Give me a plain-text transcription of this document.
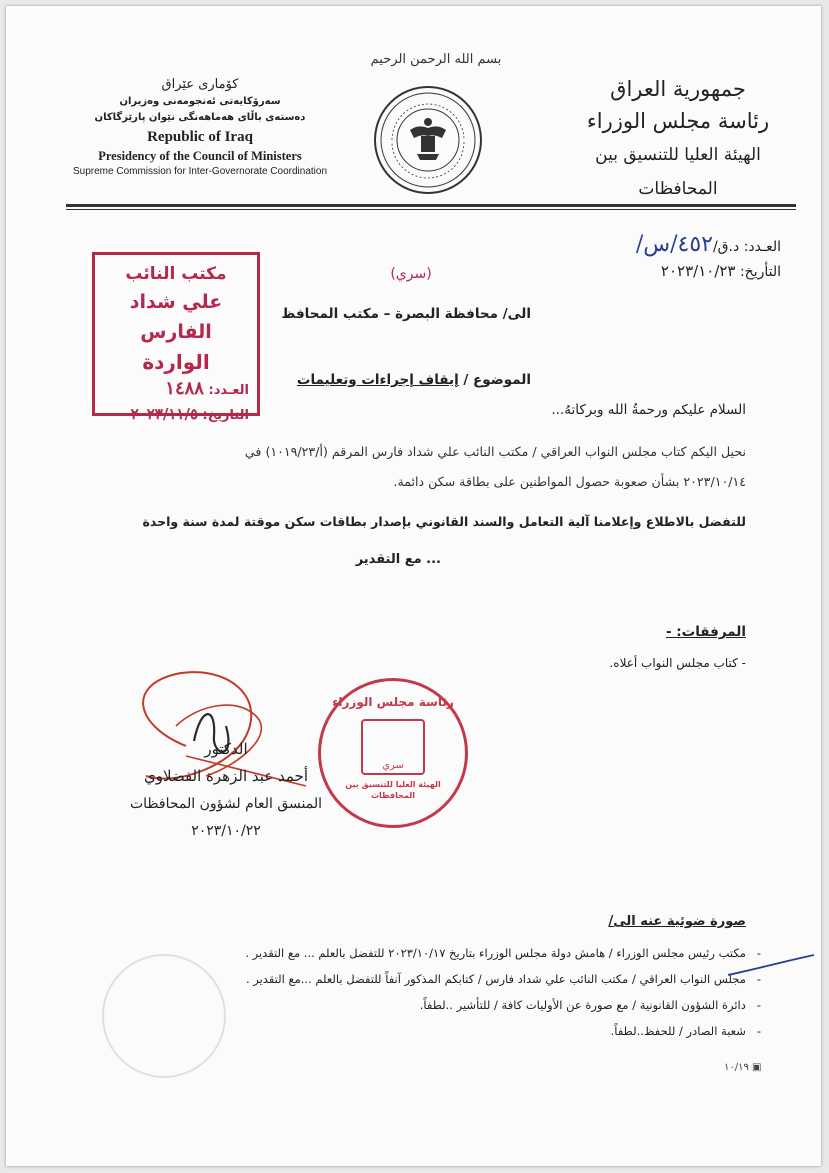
جمهورية العراق
رئاسة مجلس الوزراء
الهيئة العليا للتنسيق بين المحافظات
بسم الله الرحمن الرحيم
كۆماری عێراق
سەرۆکایەتی ئەنجومەنی وەزیران
دەستەی باڵای هەماهەنگی نێوان پارێزگاکان
Republic of Iraq
Presidency of the Council of Ministers
Supreme Commission for Inter-Governorate Coordination
العـدد: د.ق/٤٥٢/س/
التأريخ: ٢٠٢٣/١٠/٢٣
مكتب النائب
علي شداد الفارس
الواردة
العـدد: ١٤٨٨
التاريخ: ٢٠٢٣/١١/٥
(سري)
الى/ محافظة البصرة – مكتب المحافظ
الموضوع / إيقاف إجراءات وتعليمات
السلام عليكم ورحمةُ الله وبركاتهُ...
نحيل اليكم كتاب مجلس النواب العراقي / مكتب النائب علي شداد فارس المرقم (أ/١٠١٩/٢٣) في
٢٠٢٣/١٠/١٤ بشأن صعوبة حصول المواطنين على بطاقة سكن دائمة.
للتفضل بالاطلاع وإعلامنا آلية التعامل والسند القانوني بإصدار بطاقات سكن موقتة لمدة سنة واحدة
... مع التقدير
المرفقات: -
- كتاب مجلس النواب أعلاه.
الدكتور
أحمد عبد الزهرة الفضلاوي
المنسق العام لشؤون المحافظات
٢٠٢٣/١٠/٢٢
رئاسة مجلس الوزراء
سري
الهيئة العليا للتنسيق بين المحافظات
صورة ضوئية عنه الى/
-   مكتب رئيس مجلس الوزراء / هامش دولة مجلس الوزراء بتاريخ ٢٠٢٣/١٠/١٧ للتفضل بالعلم ... مع التقدير .
-   مجلس النواب العراقي / مكتب النائب علي شداد فارس / كتابكم المذكور آنفاً للتفضل بالعلم ...مع التقدير .
-   دائرة الشؤون القانونية / مع صورة عن الأوليات كافة / للتأشير ..لطفاً.
-   شعبة الصادر / للحفظ..لطفاً.
١٠/١٩ ▣
